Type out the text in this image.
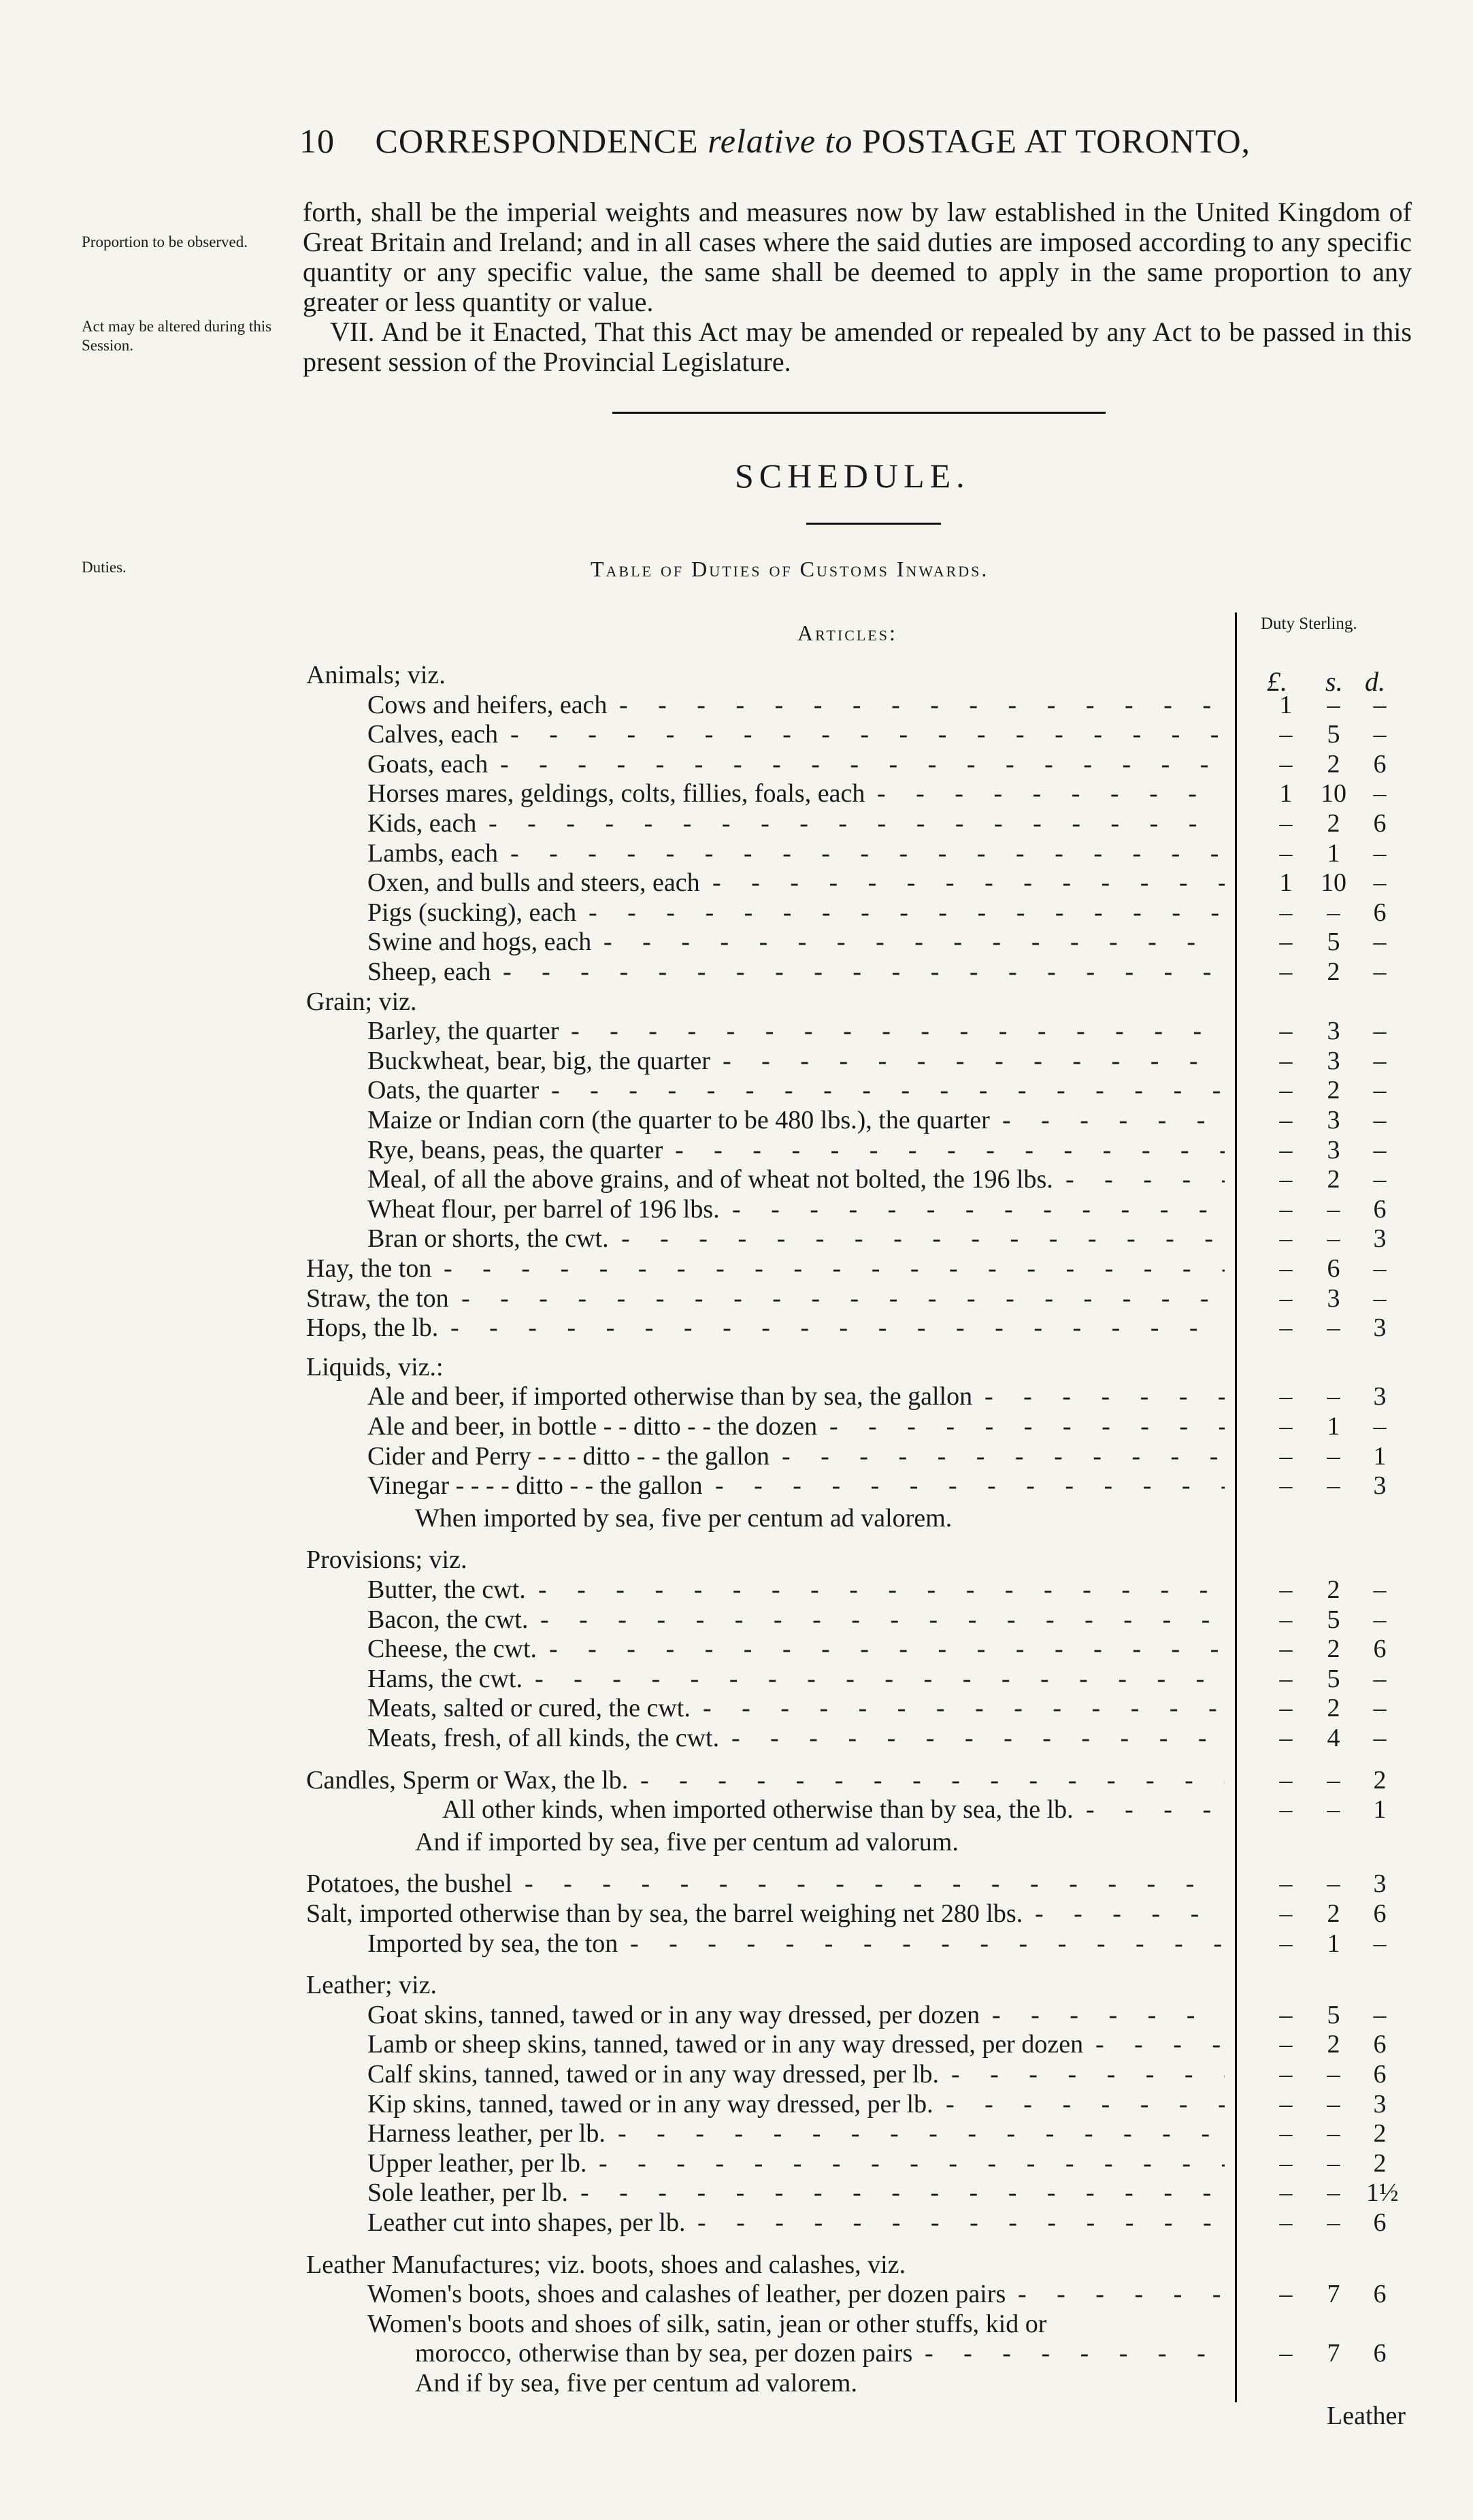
10 CORRESPONDENCE relative to POSTAGE AT TORONTO,
Proportion to be observed.
Act may be altered during this Session.
Duties.

forth, shall be the imperial weights and measures now by law established in the United Kingdom of Great Britain and Ireland; and in all cases where the said duties are imposed according to any specific quantity or any specific value, the same shall be deemed to apply in the same proportion to any greater or less quantity or value.

VII. And be it Enacted, That this Act may be amended or repealed by any Act to be passed in this present session of the Provincial Legislature.

SCHEDULE.
Table of Duties of Customs Inwards.
Articles:	Duty Sterling.
£. s. d.
Animals; viz.
Cows and heifers, each - -	1 – –
Calves, each - -	– 5 –
Goats, each - -	– 2 6
Horses mares, geldings, colts, fillies, foals, each - -	1 10 –
Kids, each - -	– 2 6
Lambs, each - -	– 1 –
Oxen, and bulls and steers, each - -	1 10 –
Pigs (sucking), each - -	– – 6
Swine and hogs, each - -	– 5 –
Sheep, each - -	– 2 –
Grain; viz.
Barley, the quarter - -	– 3 –
Buckwheat, bear, big, the quarter - -	– 3 –
Oats, the quarter - -	– 2 –
Maize or Indian corn (the quarter to be 480 lbs.), the quarter - -	– 3 –
Rye, beans, peas, the quarter - -	– 3 –
Meal, of all the above grains, and of wheat not bolted, the 196 lbs. - -	– 2 –
Wheat flour, per barrel of 196 lbs. - -	– – 6
Bran or shorts, the cwt. - -	– – 3
Hay, the ton - -	– 6 –
Straw, the ton - -	– 3 –
Hops, the lb. - -	– – 3
Liquids, viz.:
Ale and beer, if imported otherwise than by sea, the gallon - -	– – 3
Ale and beer, in bottle - - ditto - - the dozen - -	– 1 –
Cider and Perry - - - ditto - - the gallon - -	– – 1
Vinegar - - - - ditto - - the gallon - -	– – 3
When imported by sea, five per centum ad valorem.
Provisions; viz.
Butter, the cwt. - -	– 2 –
Bacon, the cwt. - -	– 5 –
Cheese, the cwt. - -	– 2 6
Hams, the cwt. - -	– 5 –
Meats, salted or cured, the cwt. - -	– 2 –
Meats, fresh, of all kinds, the cwt. - -	– 4 –
Candles, Sperm or Wax, the lb. - -	– – 2
All other kinds, when imported otherwise than by sea, the lb. - -	– – 1
And if imported by sea, five per centum ad valorum.
Potatoes, the bushel - -	– – 3
Salt, imported otherwise than by sea, the barrel weighing net 280 lbs. - -	– 2 6
Imported by sea, the ton - -	– 1 –
Leather; viz.
Goat skins, tanned, tawed or in any way dressed, per dozen - -	– 5 –
Lamb or sheep skins, tanned, tawed or in any way dressed, per dozen - -	– 2 6
Calf skins, tanned, tawed or in any way dressed, per lb. - -	– – 6
Kip skins, tanned, tawed or in any way dressed, per lb. - -	– – 3
Harness leather, per lb. - -	– – 2
Upper leather, per lb. - -	– – 2
Sole leather, per lb. - -	– – 1½
Leather cut into shapes, per lb. - -	– – 6
Leather Manufactures; viz. boots, shoes and calashes, viz.
Women's boots, shoes and calashes of leather, per dozen pairs - -	– 7 6
Women's boots and shoes of silk, satin, jean or other stuffs, kid or
morocco, otherwise than by sea, per dozen pairs - -	– 7 6
And if by sea, five per centum ad valorem.
Leather
